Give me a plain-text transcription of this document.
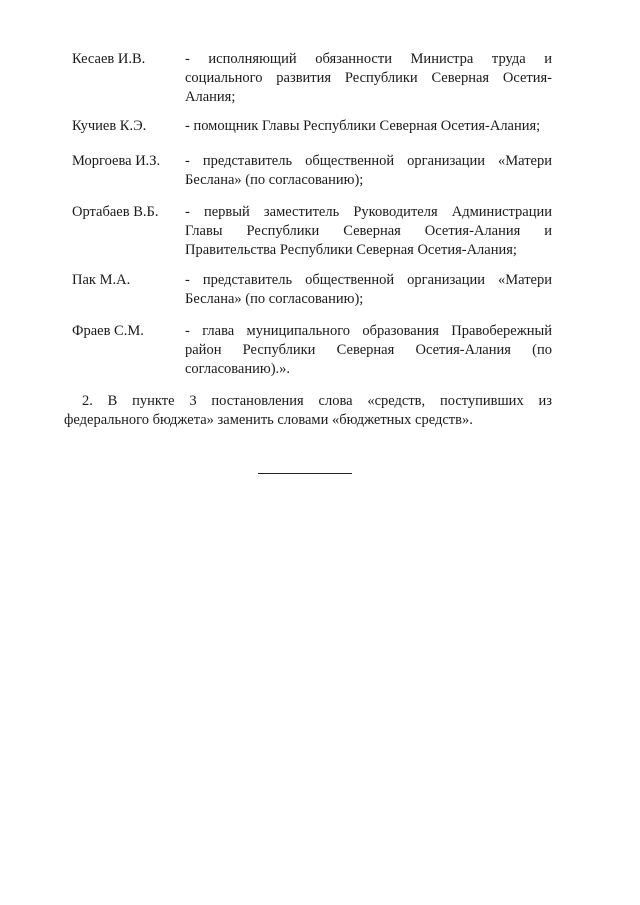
Кесаев И.В.	- исполняющий обязанности Министра труда и
социального развития Республики Северная Осетия-
Алания;
Кучиев К.Э.	- помощник Главы Республики Северная Осетия-Алания;
Моргоева И.З.	- представитель общественной организации «Матери
Беслана» (по согласованию);
Ортабаев В.Б.	- первый заместитель Руководителя Администрации
Главы Республики Северная Осетия-Алания и
Правительства Республики Северная Осетия-Алания;
Пак М.А.	- представитель общественной организации «Матери
Беслана» (по согласованию);
Фраев С.М.	- глава муниципального образования Правобережный
район Республики Северная Осетия-Алания (по
согласованию).».
2. В пункте 3 постановления слова «средств, поступивших из
федерального бюджета» заменить словами «бюджетных средств».
